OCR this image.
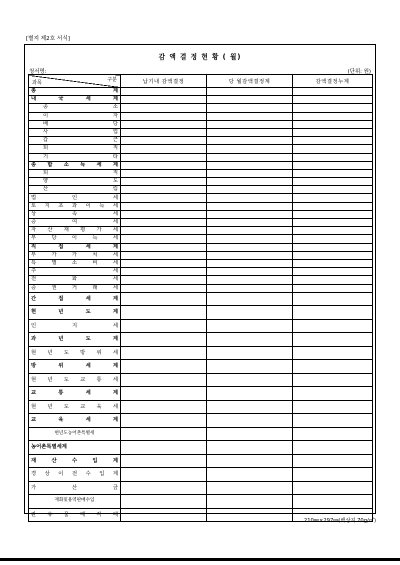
[별지 제2호 서식]
감 액 결 정 현 황 ( 월)
청서명:	(단위: 원)
구분
과목	납기내 감액결정	당 월감액결정계	감액결정누계
총 계			
내 국 세 계			
종 소			
이 자			
배 당			
사 업			
갑 근			
퇴 직			
기 타			
종 합 소 득 세 계			
퇴 직			
양 도			
산 림			
법 인 세			
토 지 초 과 이 득 세			
상 속 세			
증 여 세			
자 산 재 평 가 세			
부 당 이 득 세			
직 접 세 계			
부 가 가 치 세			
특 별 소 비 세			
주 세			
전 화 세			
증 권 거 래 세			
간 접 세 계			
현 년 도 계			
인 지 세			
과 년 도 계			
현 년 도 방 위 세			
방 위 세 계			
현 년 도 교 통 세			
교 통 세 계			
현 년 도 교 육 세			
교 육 세 계			
현년도농어촌특별세			
농어촌특별세계			
재 산 수 입 계			
경 상 이 전 수 입 계			
가 산 금			
재화및용역판매수입			
관 유 물 매 각 대			
210㎜×297㎜(백상지 70g/㎡)
